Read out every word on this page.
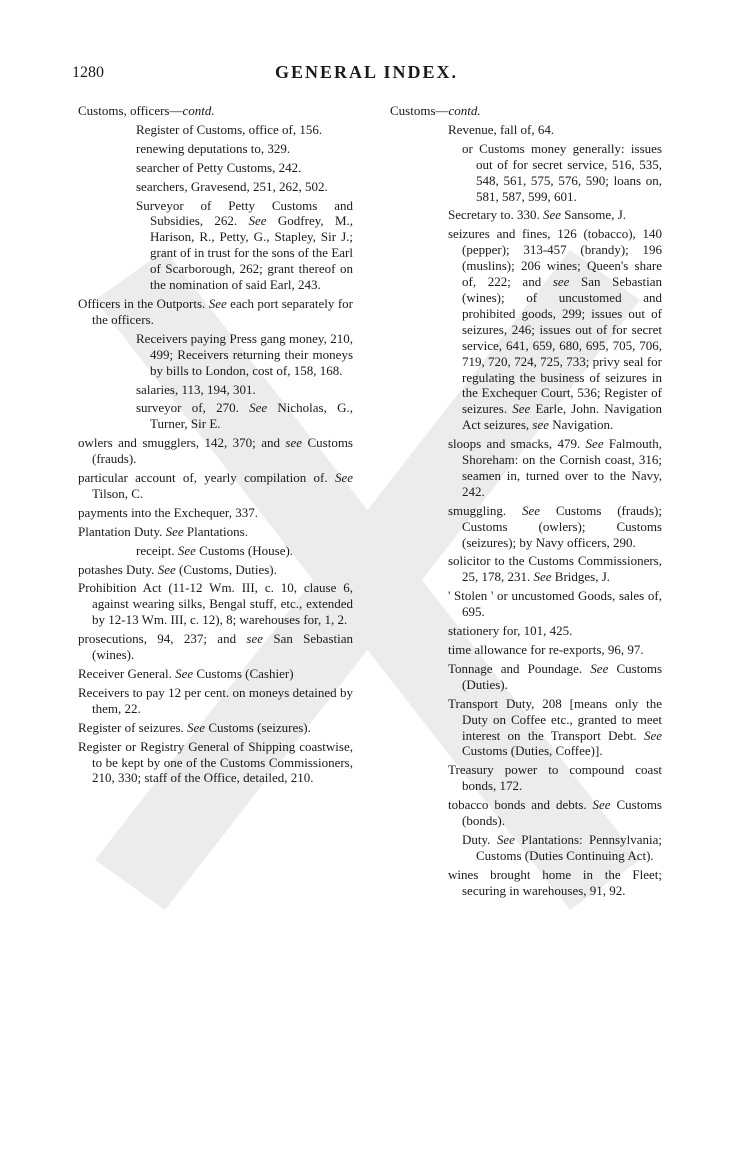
1280	GENERAL INDEX.
Customs, officers—contd.
Register of Customs, office of, 156.
renewing deputations to, 329.
searcher of Petty Customs, 242.
searchers, Gravesend, 251, 262, 502.
Surveyor of Petty Customs and Subsidies, 262. See Godfrey, M., Harison, R., Petty, G., Stapley, Sir J.; grant of in trust for the sons of the Earl of Scarborough, 262; grant thereof on the nomination of said Earl, 243.
Officers in the Outports. See each port separately for the officers.
Receivers paying Press gang money, 210, 499; Receivers returning their moneys by bills to London, cost of, 158, 168.
salaries, 113, 194, 301.
surveyor of, 270. See Nicholas, G., Turner, Sir E.
owlers and smugglers, 142, 370; and see Customs (frauds).
particular account of, yearly compilation of. See Tilson, C.
payments into the Exchequer, 337.
Plantation Duty. See Plantations.
receipt. See Customs (House).
potashes Duty. See (Customs, Duties).
Prohibition Act (11-12 Wm. III, c. 10, clause 6, against wearing silks, Bengal stuff, etc., extended by 12-13 Wm. III, c. 12), 8; warehouses for, 1, 2.
prosecutions, 94, 237; and see San Sebastian (wines).
Receiver General. See Customs (Cashier)
Receivers to pay 12 per cent. on moneys detained by them, 22.
Register of seizures. See Customs (seizures).
Register or Registry General of Shipping coastwise, to be kept by one of the Customs Commissioners, 210, 330; staff of the Office, detailed, 210.
Customs—contd.
Revenue, fall of, 64.
or Customs money generally: issues out of for secret service, 516, 535, 548, 561, 575, 576, 590; loans on, 581, 587, 599, 601.
Secretary to. 330. See Sansome, J.
seizures and fines, 126 (tobacco), 140 (pepper); 313-457 (brandy); 196 (muslins); 206 wines; Queen's share of, 222; and see San Sebastian (wines); of uncustomed and prohibited goods, 299; issues out of seizures, 246; issues out of for secret service, 641, 659, 680, 695, 705, 706, 719, 720, 724, 725, 733; privy seal for regulating the business of seizures in the Exchequer Court, 536; Register of seizures. See Earle, John. Navigation Act seizures, see Navigation.
sloops and smacks, 479. See Falmouth, Shoreham: on the Cornish coast, 316; seamen in, turned over to the Navy, 242.
smuggling. See Customs (frauds); Customs (owlers); Customs (seizures); by Navy officers, 290.
solicitor to the Customs Commissioners, 25, 178, 231. See Bridges, J.
' Stolen ' or uncustomed Goods, sales of, 695.
stationery for, 101, 425.
time allowance for re-exports, 96, 97.
Tonnage and Poundage. See Customs (Duties).
Transport Duty, 208 [means only the Duty on Coffee etc., granted to meet interest on the Transport Debt. See Customs (Duties, Coffee)].
Treasury power to compound coast bonds, 172.
tobacco bonds and debts. See Customs (bonds).
Duty. See Plantations: Pennsylvania; Customs (Duties Continuing Act).
wines brought home in the Fleet; securing in warehouses, 91, 92.
